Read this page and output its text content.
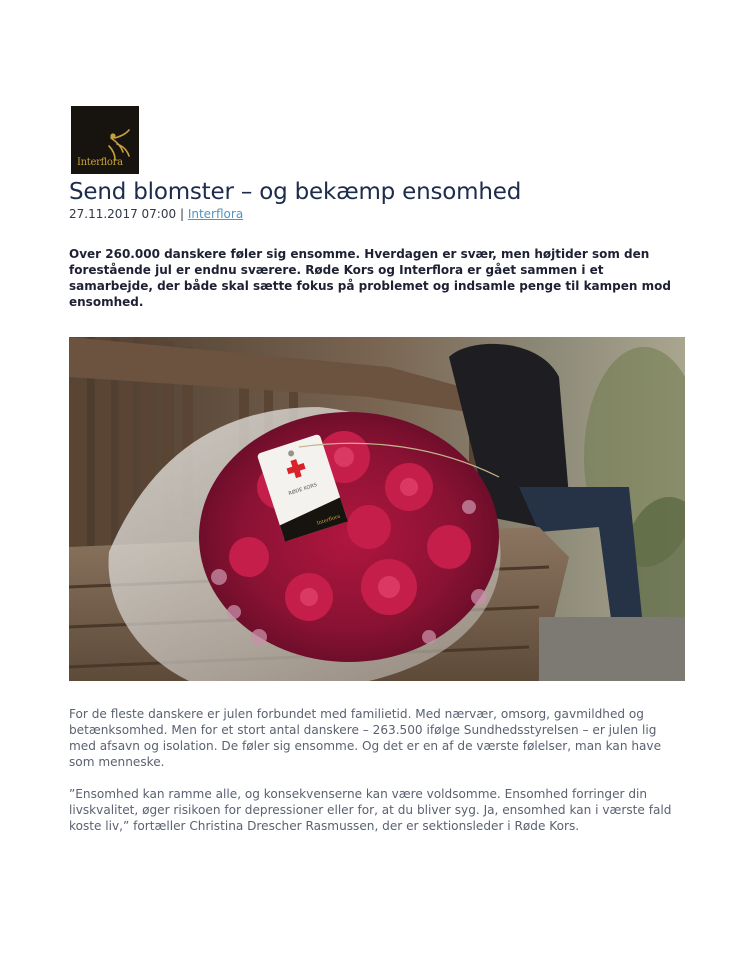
Interflora
Send blomster – og bekæmp ensomhed
27.11.2017 07:00 | Interflora

Over 260.000 danskere føler sig ensomme. Hverdagen er svær, men højtider som den forestående jul er endnu sværere. Røde Kors og Interflora er gået sammen i et samarbejde, der både skal sætte fokus på problemet og indsamle penge til kampen mod ensomhed.

RØDE KORS
Interflora

For de fleste danskere er julen forbundet med familietid. Med nærvær, omsorg, gavmildhed og betænksomhed. Men for et stort antal danskere – 263.500 ifølge Sundhedsstyrelsen – er julen lig med afsavn og isolation. De føler sig ensomme. Og det er en af de værste følelser, man kan have som menneske.

”Ensomhed kan ramme alle, og konsekvenserne kan være voldsomme. Ensomhed forringer din livskvalitet, øger risikoen for depressioner eller for, at du bliver syg. Ja, ensomhed kan i værste fald koste liv,” fortæller Christina Drescher Rasmussen, der er sektionsleder i Røde Kors.
